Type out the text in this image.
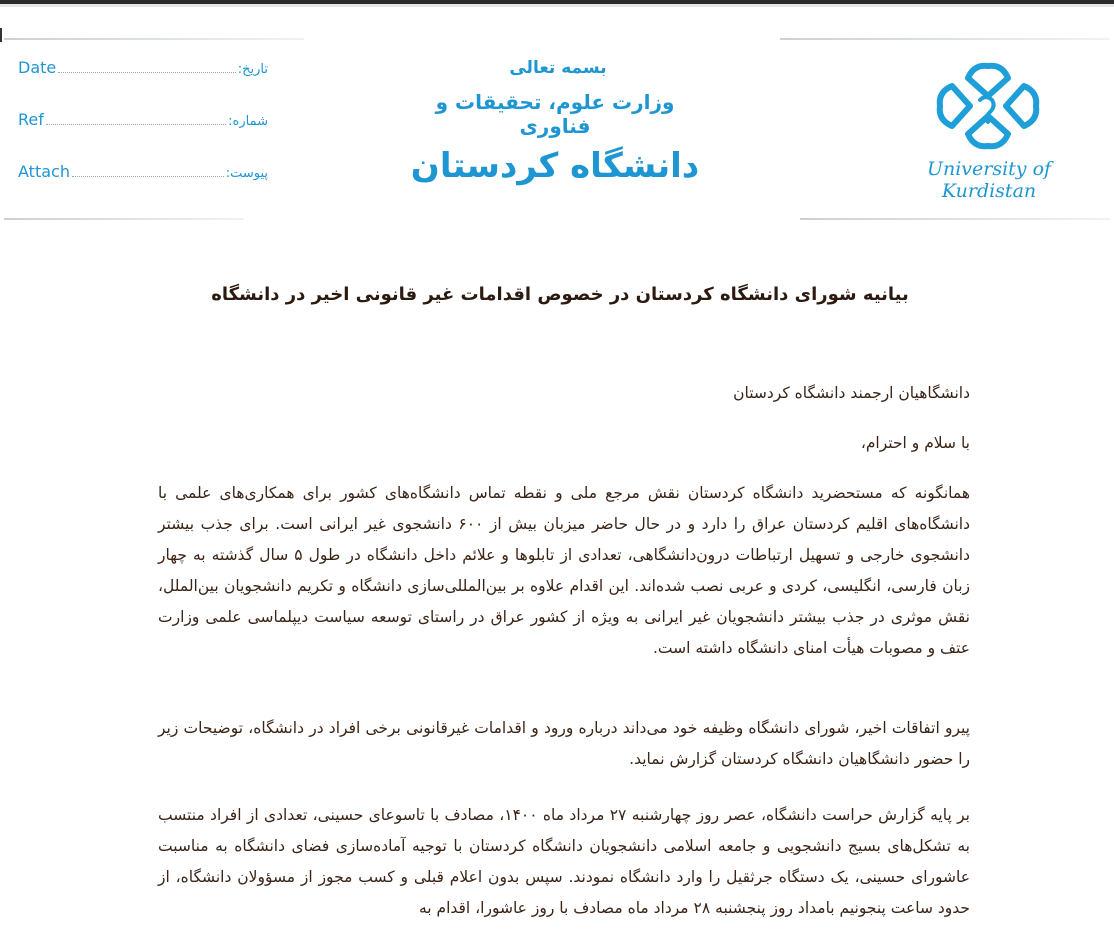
Date	تاریخ:
Ref	شماره:
Attach	پیوست:
بسمه تعالی
وزارت علوم، تحقیقات و فناوری
دانشگاه کردستان	University of Kurdistan
بیانیه شورای دانشگاه کردستان در خصوص اقدامات غیر قانونی اخیر در دانشگاه
دانشگاهیان ارجمند دانشگاه کردستان
با سلام و احترام،
همانگونه که مستحضرید دانشگاه کردستان نقش مرجع ملی و نقطه تماس دانشگاه‌های کشور برای همکاری‌های علمی با دانشگاه‌های اقلیم کردستان عراق را دارد و در حال حاضر میزبان بیش از ۶۰۰ دانشجوی غیر ایرانی است. برای جذب بیشتر دانشجوی خارجی و تسهیل ارتباطات درون‌دانشگاهی، تعدادی از تابلوها و علائم داخل دانشگاه در طول ۵ سال گذشته به چهار زبان فارسی، انگلیسی، کردی و عربی نصب شده‌اند. این اقدام علاوه بر بین‌المللی‌سازی دانشگاه و تکریم دانشجویان بین‌الملل، نقش موثری در جذب بیشتر دانشجویان غیر ایرانی به ویژه از کشور عراق در راستای توسعه سیاست دیپلماسی علمی وزارت عتف و مصوبات هیأت امنای دانشگاه داشته است.
پیرو اتفاقات اخیر، شورای دانشگاه وظیفه خود می‌داند درباره ورود و اقدامات غیرقانونی برخی افراد در دانشگاه، توضیحات زیر را حضور دانشگاهیان دانشگاه کردستان گزارش نماید.
بر پایه گزارش حراست دانشگاه، عصر روز چهارشنبه ۲۷ مرداد ماه ۱۴۰۰، مصادف با تاسوعای حسینی، تعدادی از افراد منتسب به تشکل‌های بسیج دانشجویی و جامعه اسلامی دانشجویان دانشگاه کردستان با توجیه آماده‌سازی فضای دانشگاه به مناسبت عاشورای حسینی، یک دستگاه جرثقیل را وارد دانشگاه نمودند. سپس بدون اعلام قبلی و کسب مجوز از مسؤولان دانشگاه، از حدود ساعت پنجونیم بامداد روز پنجشنبه ۲۸ مرداد ماه مصادف با روز عاشورا، اقدام به
